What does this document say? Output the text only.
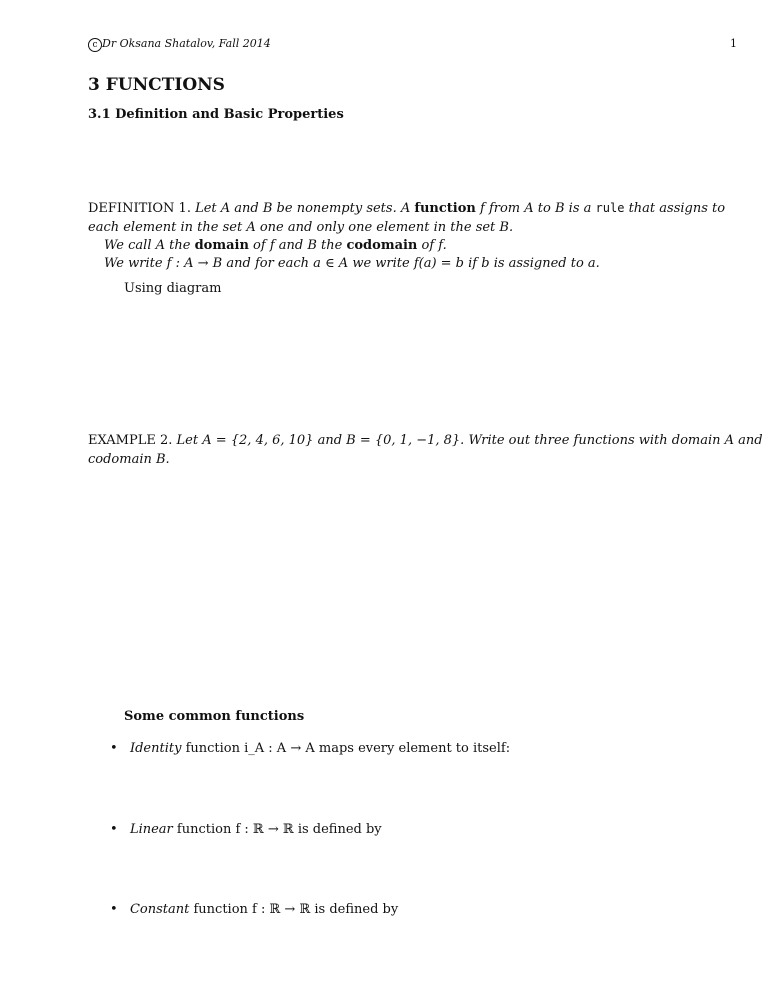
c Dr Oksana Shatalov, Fall 2014	1
3 FUNCTIONS
3.1 Definition and Basic Properties
DEFINITION 1. Let A and B be nonempty sets. A function f from A to B is a rule that assigns to
each element in the set A one and only one element in the set B.
We call A the domain of f and B the codomain of f.
We write f : A → B and for each a ∈ A we write f(a) = b if b is assigned to a.
Using diagram
EXAMPLE 2. Let A = {2, 4, 6, 10} and B = {0, 1, −1, 8}. Write out three functions with domain A and
codomain B.
Some common functions
• Identity function i_A : A → A maps every element to itself:
• Linear function f : ℝ → ℝ is defined by
• Constant function f : ℝ → ℝ is defined by
